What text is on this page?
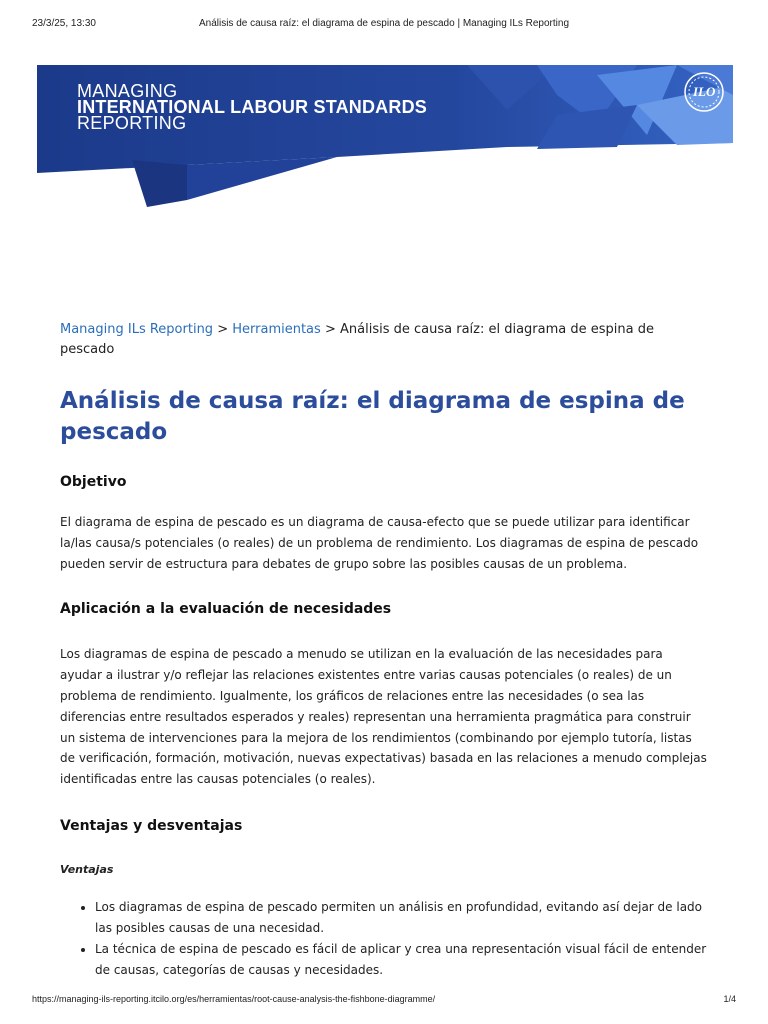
23/3/25, 13:30	Análisis de causa raíz: el diagrama de espina de pescado | Managing ILs Reporting
MANAGING
INTERNATIONAL LABOUR STANDARDS
REPORTING
ILO

Managing ILs Reporting > Herramientas > Análisis de causa raíz: el diagrama de espina de pescado

Análisis de causa raíz: el diagrama de espina de pescado
Objetivo

El diagrama de espina de pescado es un diagrama de causa-efecto que se puede utilizar para identificar la/las causa/s potenciales (o reales) de un problema de rendimiento. Los diagramas de espina de pescado pueden servir de estructura para debates de grupo sobre las posibles causas de un problema.

Aplicación a la evaluación de necesidades

Los diagramas de espina de pescado a menudo se utilizan en la evaluación de las necesidades para ayudar a ilustrar y/o reflejar las relaciones existentes entre varias causas potenciales (o reales) de un problema de rendimiento. Igualmente, los gráficos de relaciones entre las necesidades (o sea las diferencias entre resultados esperados y reales) representan una herramienta pragmática para construir un sistema de intervenciones para la mejora de los rendimientos (combinando por ejemplo tutoría, listas de verificación, formación, motivación, nuevas expectativas) basada en las relaciones a menudo complejas identificadas entre las causas potenciales (o reales).

Ventajas y desventajas
Ventajas
• Los diagramas de espina de pescado permiten un análisis en profundidad, evitando así dejar de lado las posibles causas de una necesidad.
• La técnica de espina de pescado es fácil de aplicar y crea una representación visual fácil de entender de causas, categorías de causas y necesidades.
https://managing-ils-reporting.itcilo.org/es/herramientas/root-cause-analysis-the-fishbone-diagramme/	1/4
